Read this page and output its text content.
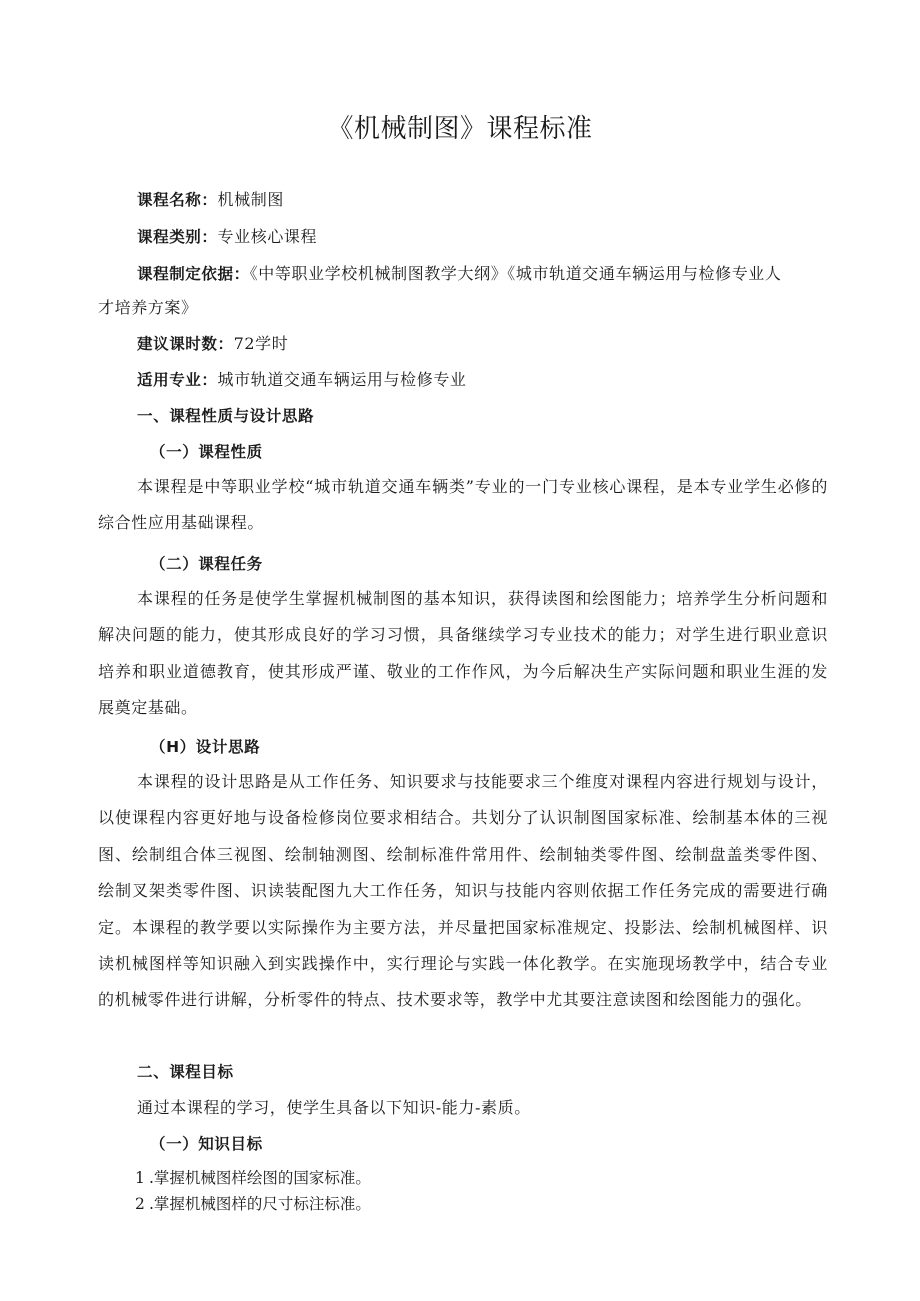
《机械制图》课程标准
课程名称：机械制图
课程类别：专业核心课程
课程制定依据：《中等职业学校机械制图教学大纲》《城市轨道交通车辆运用与检修专业人
才培养方案》
建议课时数：72学时
适用专业：城市轨道交通车辆运用与检修专业
一、课程性质与设计思路
（一）课程性质
本课程是中等职业学校“城市轨道交通车辆类”专业的一门专业核心课程，是本专业学生必修的综合性应用基础课程。
（二）课程任务
本课程的任务是使学生掌握机械制图的基本知识，获得读图和绘图能力；培养学生分析问题和解决问题的能力，使其形成良好的学习习惯，具备继续学习专业技术的能力；对学生进行职业意识培养和职业道德教育，使其形成严谨、敬业的工作作风，为今后解决生产实际问题和职业生涯的发展奠定基础。
（H）设计思路
本课程的设计思路是从工作任务、知识要求与技能要求三个维度对课程内容进行规划与设计，以使课程内容更好地与设备检修岗位要求相结合。共划分了认识制图国家标准、绘制基本体的三视图、绘制组合体三视图、绘制轴测图、绘制标准件常用件、绘制轴类零件图、绘制盘盖类零件图、绘制叉架类零件图、识读装配图九大工作任务，知识与技能内容则依据工作任务完成的需要进行确定。本课程的教学要以实际操作为主要方法，并尽量把国家标准规定、投影法、绘制机械图样、识读机械图样等知识融入到实践操作中，实行理论与实践一体化教学。在实施现场教学中，结合专业的机械零件进行讲解，分析零件的特点、技术要求等，教学中尤其要注意读图和绘图能力的强化。
二、课程目标
通过本课程的学习，使学生具备以下知识-能力-素质。
（一）知识目标
1 .掌握机械图样绘图的国家标准。
2 .掌握机械图样的尺寸标注标准。
